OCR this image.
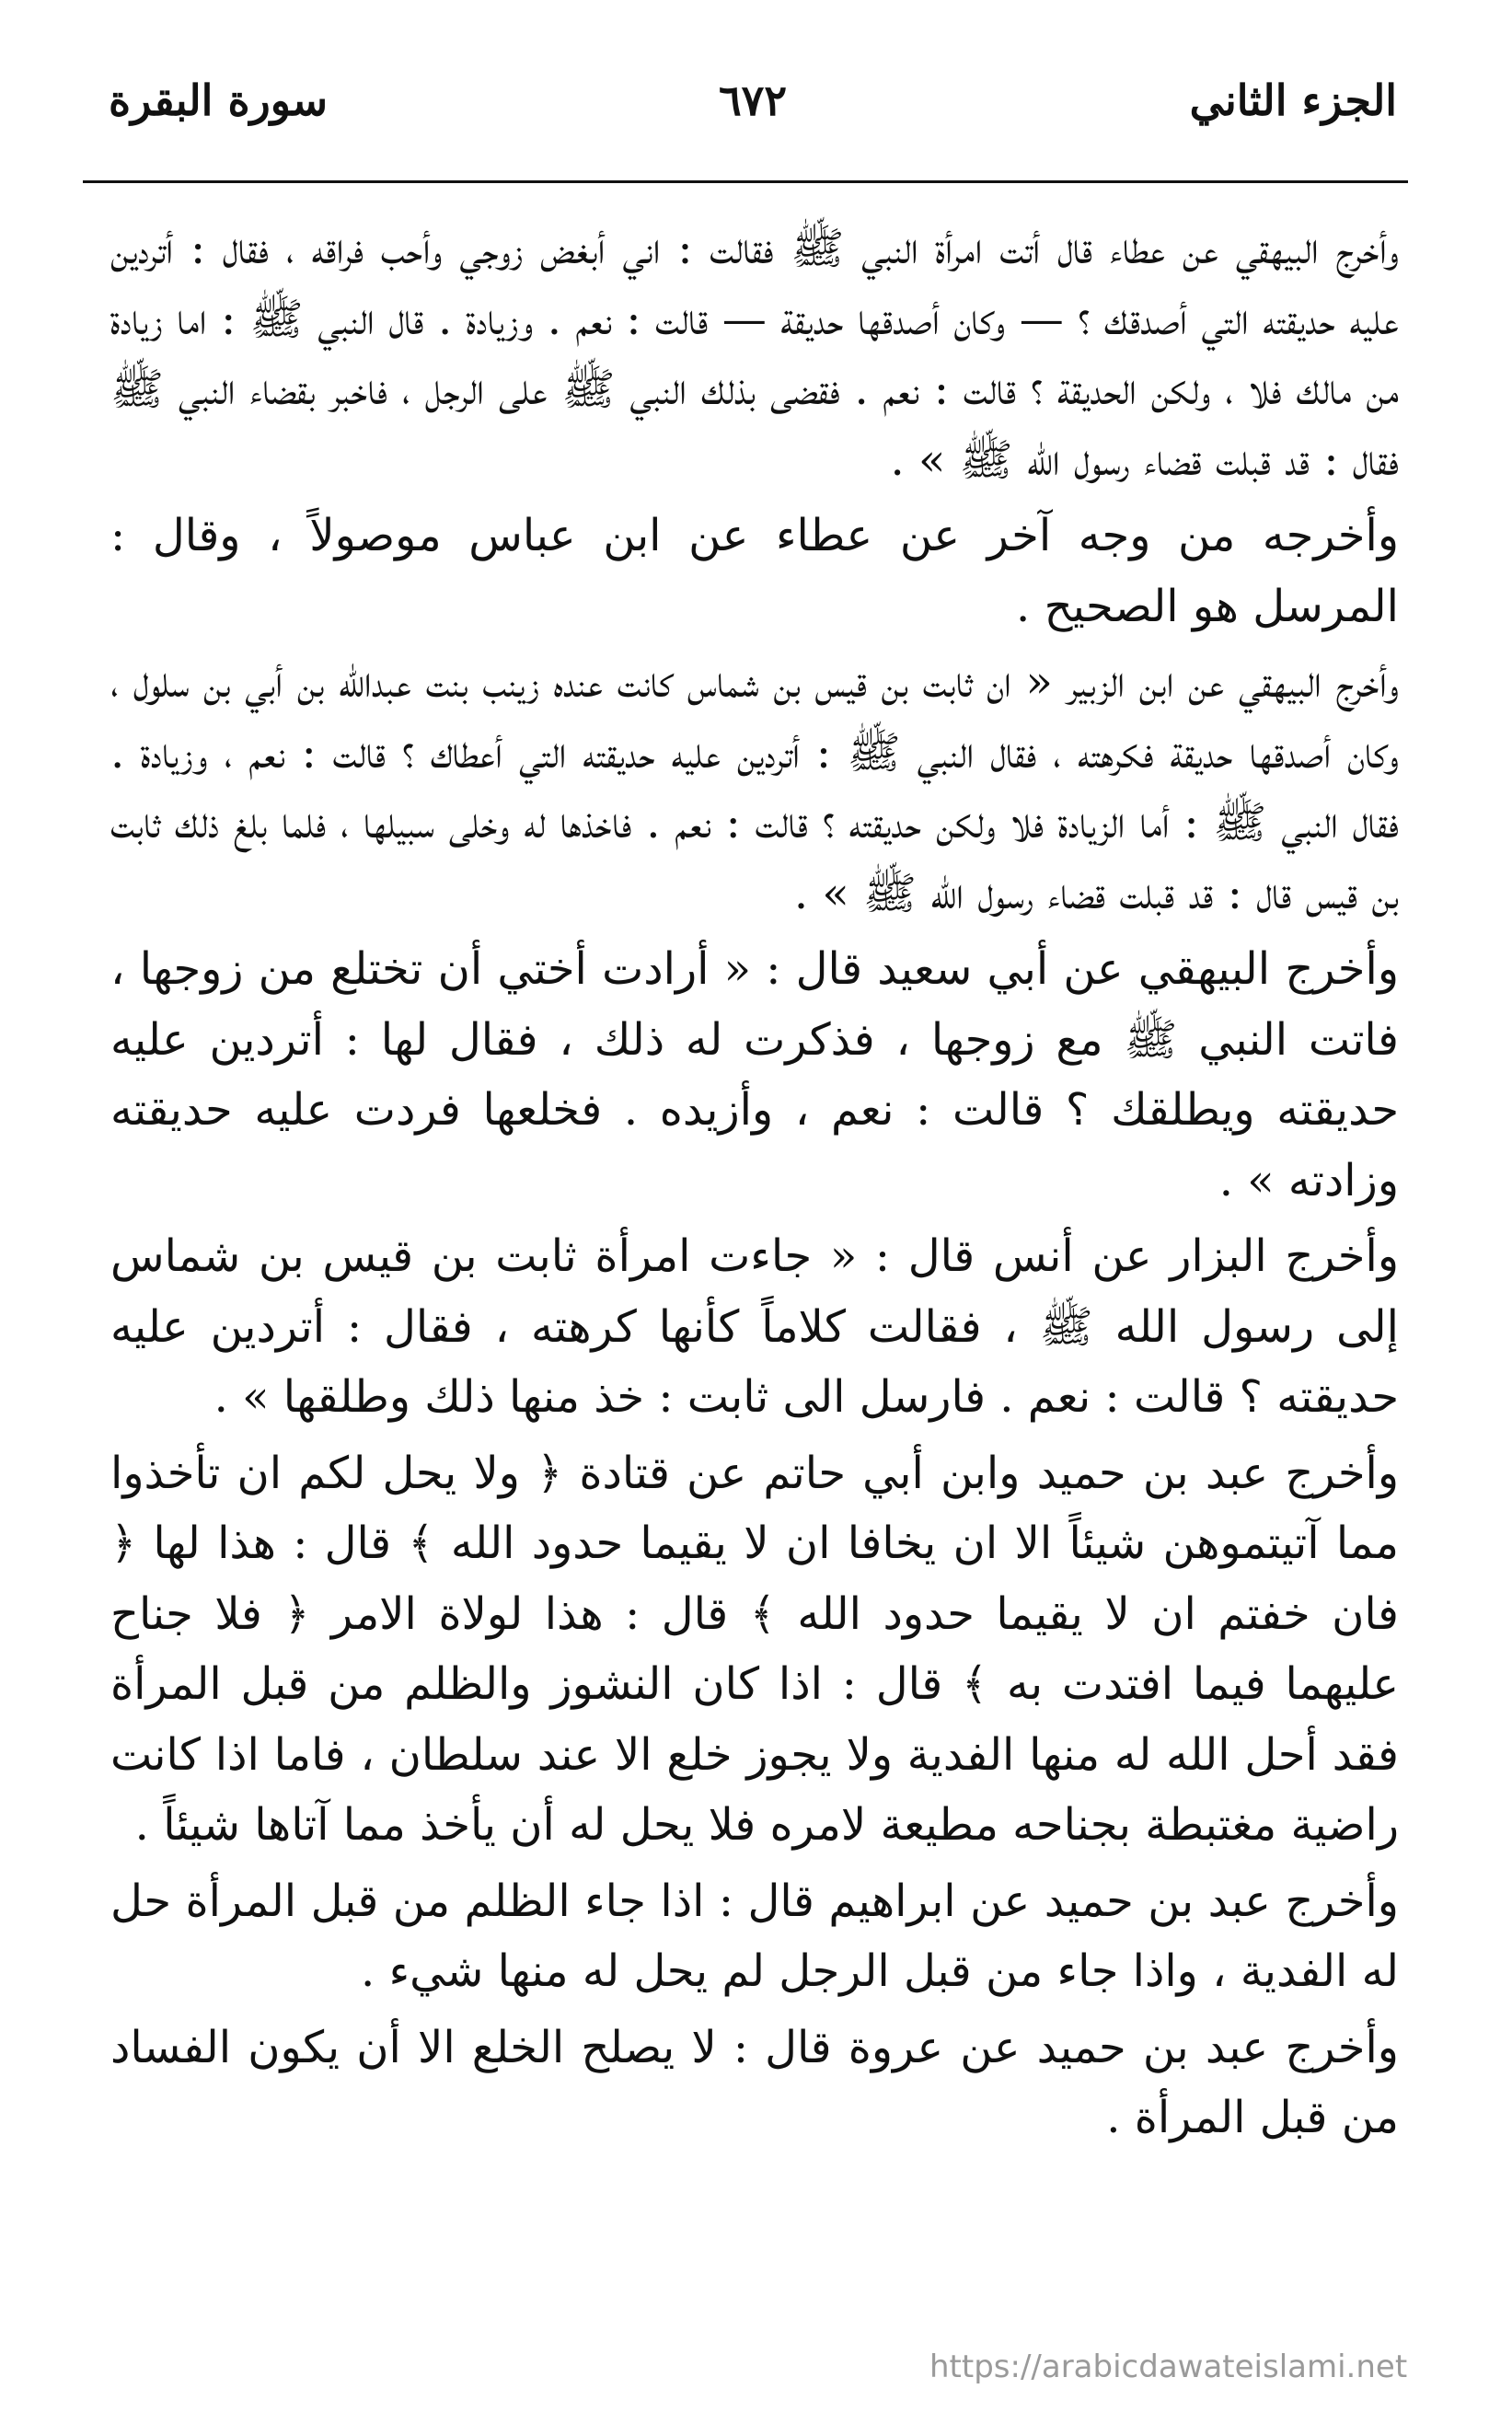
الجزء الثاني
٦٧٢
سورة البقرة

وأخرج البيهقي عن عطاء قال أتت امرأة النبي ﷺ فقالت : اني أبغض زوجي وأحب فراقه ، فقال : أتردين عليه حديقته التي أصدقك ؟ — وكان أصدقها حديقة — قالت : نعم . وزيادة . قال النبي ﷺ : اما زيادة من مالك فلا ، ولكن الحديقة ؟ قالت : نعم . فقضى بذلك النبي ﷺ على الرجل ، فاخبر بقضاء النبي ﷺ فقال : قد قبلت قضاء رسول الله ﷺ » .

وأخرجه من وجه آخر عن عطاء عن ابن عباس موصولاً ، وقال : المرسل هو الصحيح .

وأخرج البيهقي عن ابن الزبير « ان ثابت بن قيس بن شماس كانت عنده زينب بنت عبدالله بن أبي بن سلول ، وكان أصدقها حديقة فكرهته ، فقال النبي ﷺ : أتردين عليه حديقته التي أعطاك ؟ قالت : نعم ، وزيادة . فقال النبي ﷺ : أما الزيادة فلا ولكن حديقته ؟ قالت : نعم . فاخذها له وخلى سبيلها ، فلما بلغ ذلك ثابت بن قيس قال : قد قبلت قضاء رسول الله ﷺ » .

وأخرج البيهقي عن أبي سعيد قال : « أرادت أختي أن تختلع من زوجها ، فاتت النبي ﷺ مع زوجها ، فذكرت له ذلك ، فقال لها : أتردين عليه حديقته ويطلقك ؟ قالت : نعم ، وأزيده . فخلعها فردت عليه حديقته وزادته » .

وأخرج البزار عن أنس قال : « جاءت امرأة ثابت بن قيس بن شماس إلى رسول الله ﷺ ، فقالت كلاماً كأنها كرهته ، فقال : أتردين عليه حديقته ؟ قالت : نعم . فارسل الى ثابت : خذ منها ذلك وطلقها » .

وأخرج عبد بن حميد وابن أبي حاتم عن قتادة ﴿ ولا يحل لكم ان تأخذوا مما آتيتموهن شيئاً الا ان يخافا ان لا يقيما حدود الله ﴾ قال : هذا لها ﴿ فان خفتم ان لا يقيما حدود الله ﴾ قال : هذا لولاة الامر ﴿ فلا جناح عليهما فيما افتدت به ﴾ قال : اذا كان النشوز والظلم من قبل المرأة فقد أحل الله له منها الفدية ولا يجوز خلع الا عند سلطان ، فاما اذا كانت راضية مغتبطة بجناحه مطيعة لامره فلا يحل له أن يأخذ مما آتاها شيئاً .

وأخرج عبد بن حميد عن ابراهيم قال : اذا جاء الظلم من قبل المرأة حل له الفدية ، واذا جاء من قبل الرجل لم يحل له منها شيء .

وأخرج عبد بن حميد عن عروة قال : لا يصلح الخلع الا أن يكون الفساد من قبل المرأة .

https://arabicdawateislami.net
